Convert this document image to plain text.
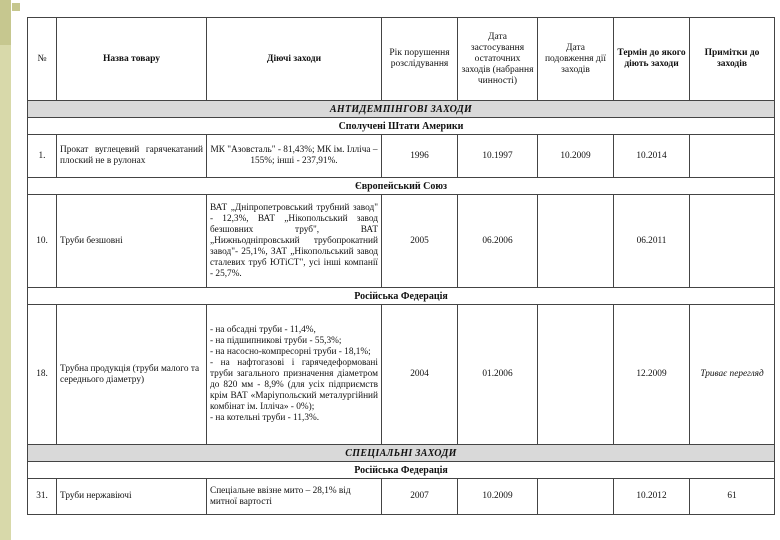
№	Назва товару	Діючі заходи	Рік порушення розслідування	Дата застосування остаточних заходів (набрання чинності)	Дата подовження дії заходів	Термін до якого діють заходи	Примітки до заходів
АНТИДЕМПІНГОВІ ЗАХОДИ							
Сполучені Штати Америки							
1.	Прокат вуглецевий гарячекатаний плоский не в рулонах	МК "Азовсталь" - 81,43%; МК ім. Ілліча – 155%; інші - 237,91%.	1996	10.1997	10.2009	10.2014	
Європейський Союз							
10.	Труби безшовні	ВАТ „Дніпропетровський трубний завод" - 12,3%, ВАТ „Нікопольський завод безшовних труб", ВАТ „Нижньодніпровський трубопрокатний завод"- 25,1%, ЗАТ „Нікопольський завод сталевих труб ЮТіСТ", усі інші компанії - 25,7%.	2005	06.2006		06.2011	
Російська Федерація							
18.	Трубна продукція (труби малого та середнього діаметру)	- на обсадні труби - 11,4%,
- на підшипникові труби - 55,3%;
- на насосно-компресорні труби - 18,1%;
- на нафтогазові і гарячедеформовані труби загального призначення діаметром до 820 мм - 8,9% (для усіх підприємств крім ВАТ «Маріупольский металургійний комбінат ім. Ілліча» - 0%);
- на котельні труби - 11,3%.	2004	01.2006		12.2009	Триває перегляд
СПЕЦІАЛЬНІ ЗАХОДИ							
Російська Федерація							
31.	Труби нержавіючі	Спеціальне ввізне мито – 28,1% від митної вартості	2007	10.2009		10.2012	61
